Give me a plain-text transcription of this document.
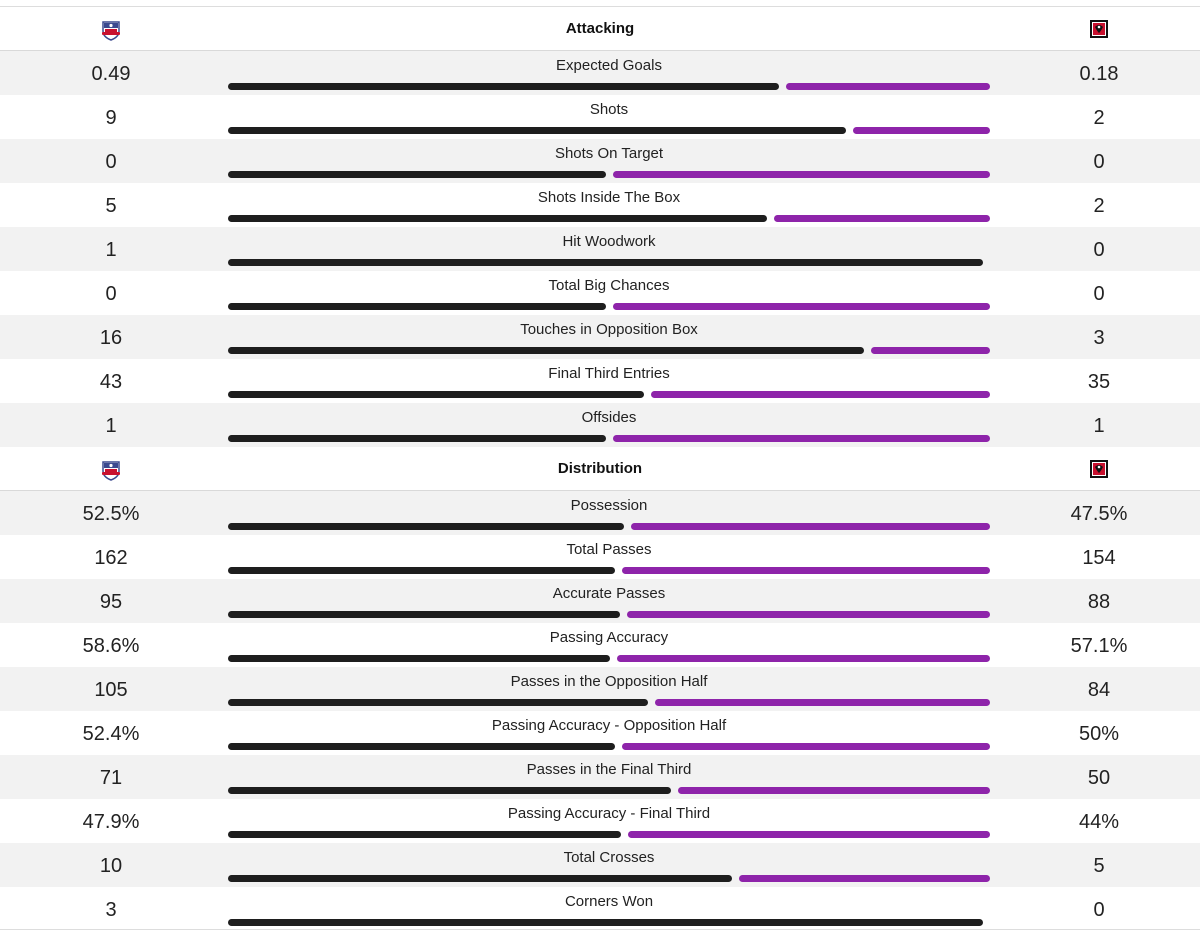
Attacking
0.49	Expected Goals	0.18
9	Shots	2
0	Shots On Target	0
5	Shots Inside The Box	2
1	Hit Woodwork	0
0	Total Big Chances	0
16	Touches in Opposition Box	3
43	Final Third Entries	35
1	Offsides	1
Distribution
52.5%	Possession	47.5%
162	Total Passes	154
95	Accurate Passes	88
58.6%	Passing Accuracy	57.1%
105	Passes in the Opposition Half	84
52.4%	Passing Accuracy - Opposition Half	50%
71	Passes in the Final Third	50
47.9%	Passing Accuracy - Final Third	44%
10	Total Crosses	5
3	Corners Won	0
